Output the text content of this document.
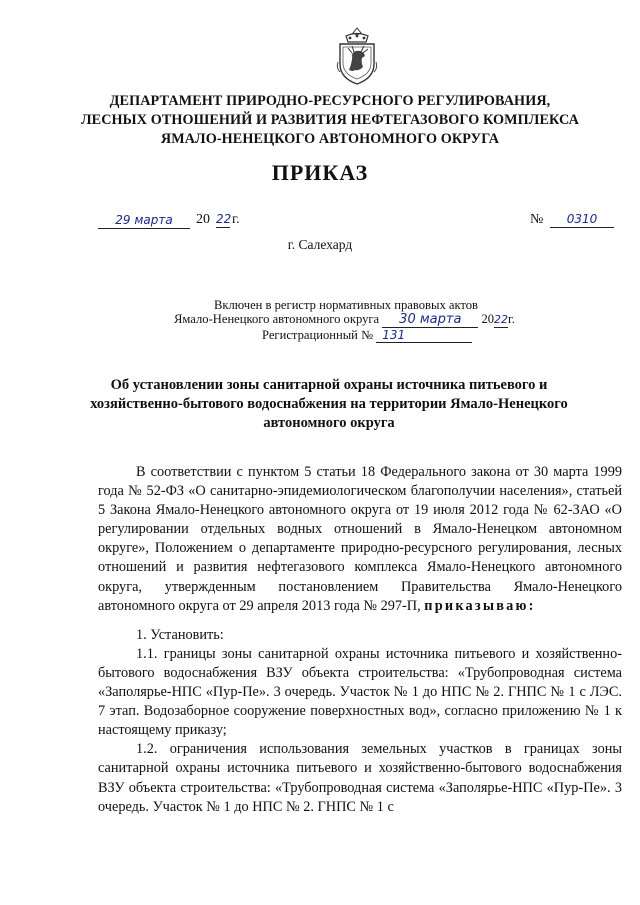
ДЕПАРТАМЕНТ ПРИРОДНО-РЕСУРСНОГО РЕГУЛИРОВАНИЯ,
ЛЕСНЫХ ОТНОШЕНИЙ И РАЗВИТИЯ НЕФТЕГАЗОВОГО КОМПЛЕКСА
ЯМАЛО-НЕНЕЦКОГО АВТОНОМНОГО ОКРУГА
ПРИКАЗ
29 марта	20 22 г.	№	0310
г. Салехард
Включен в регистр нормативных правовых актов
Ямало-Ненецкого автономного округа 30 марта 2022г.
Регистрационный № 131
Об установлении зоны санитарной охраны источника питьевого и хозяйственно-бытового водоснабжения на территории Ямало-Ненецкого автономного округа

В соответствии с пунктом 5 статьи 18 Федерального закона от 30 марта 1999 года № 52-ФЗ «О санитарно-эпидемиологическом благополучии населения», статьей 5 Закона Ямало-Ненецкого автономного округа от 19 июля 2012 года № 62-ЗАО «О регулировании отдельных водных отношений в Ямало-Ненецком автономном округе», Положением о департаменте природно-ресурсного регулирования, лесных отношений и развития нефтегазового комплекса Ямало-Ненецкого автономного округа, утвержденным постановлением Правительства Ямало-Ненецкого автономного округа от 29 апреля 2013 года № 297-П, приказываю:

1. Установить:

1.1. границы зоны санитарной охраны источника питьевого и хозяйственно-бытового водоснабжения ВЗУ объекта строительства: «Трубопроводная система «Заполярье-НПС «Пур-Пе». 3 очередь. Участок № 1 до НПС № 2. ГНПС № 1 с ЛЭС. 7 этап. Водозаборное сооружение поверхностных вод», согласно приложению № 1 к настоящему приказу;

1.2. ограничения использования земельных участков в границах зоны санитарной охраны источника питьевого и хозяйственно-бытового водоснабжения ВЗУ объекта строительства: «Трубопроводная система «Заполярье-НПС «Пур-Пе». 3 очередь. Участок № 1 до НПС № 2. ГНПС № 1 с
